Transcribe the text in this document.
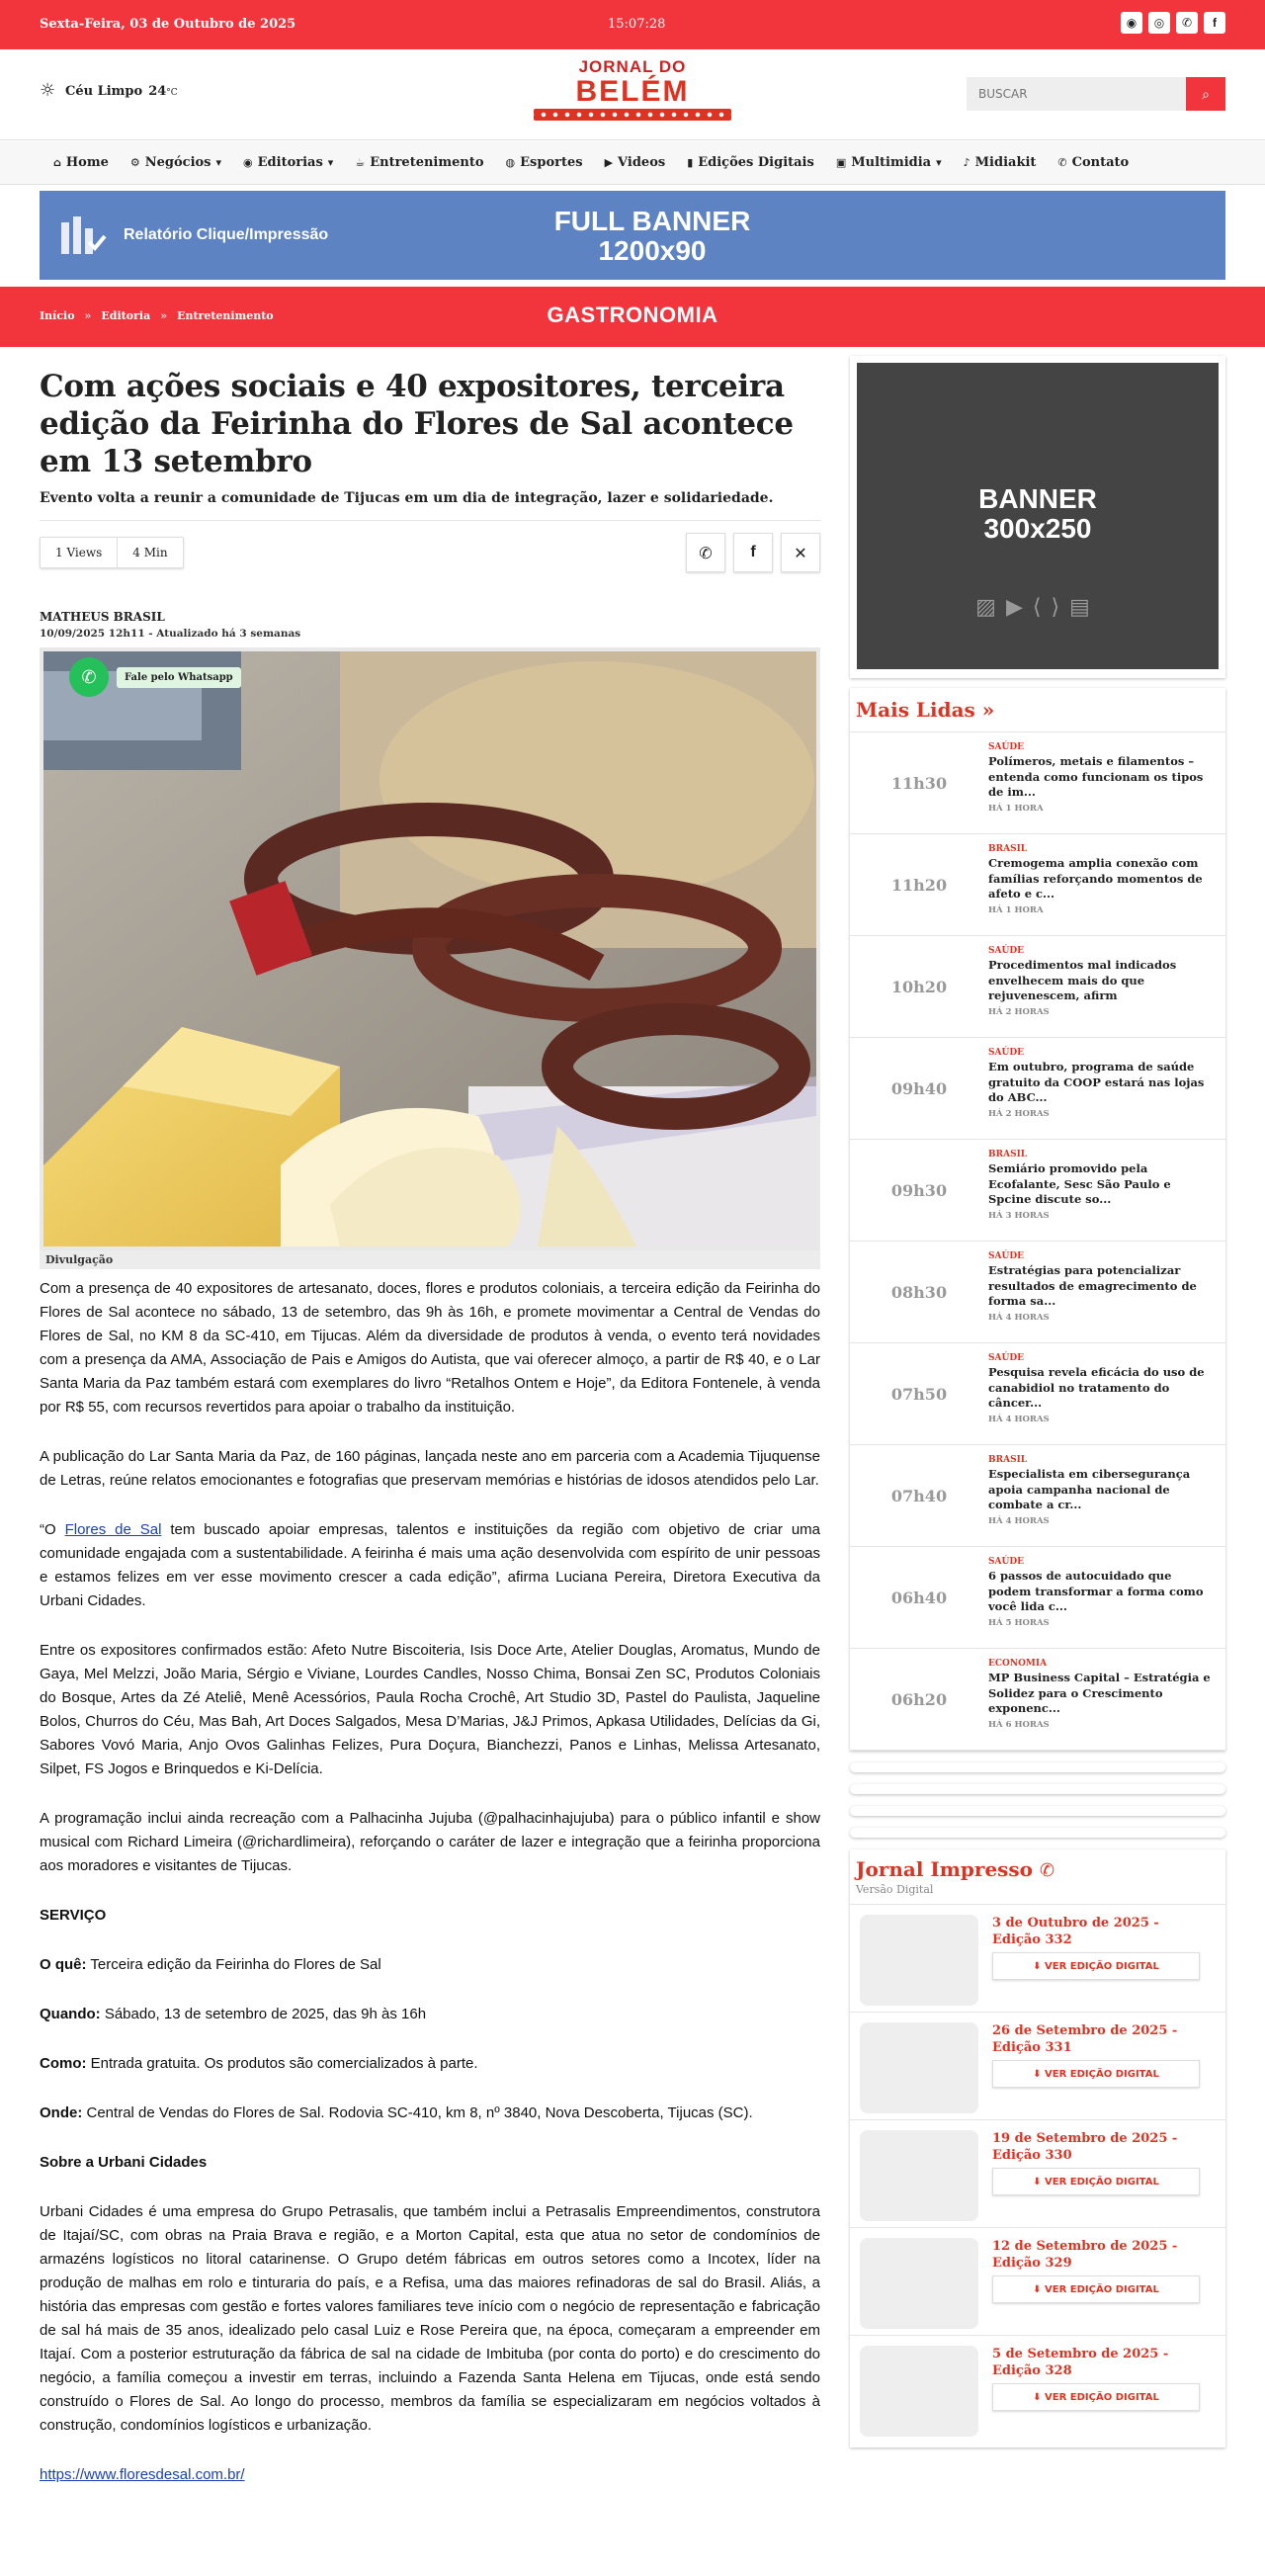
Sexta-Feira, 03 de Outubro de 2025	15:07:28	◉	◎	✆	f
☼ Céu Limpo 24°C
JORNAL DO
BELÉM
BUSCAR	⌕
⌂ Home ⚙ Negócios ▾ ◉ Editorias ▾ ☕ Entretenimento ◍ Esportes ▶ Videos ▮ Edições Digitais ▣ Multimidia ▾ ♪ Midiakit ✆ Contato
Relatório Clique/Impressão	FULL BANNER
1200x90
Início » Editoria » Entretenimento	GASTRONOMIA
Com ações sociais e 40 expositores, terceira edição da Feirinha do Flores de Sal acontece em 13 setembro
Evento volta a reunir a comunidade de Tijucas em um dia de integração, lazer e solidariedade.
1 Views	4 Min	✆	f	✕
MATHEUS BRASIL
10/09/2025 12h11 - Atualizado há 3 semanas
✆	Fale pelo Whatsapp
Divulgação

Com a presença de 40 expositores de artesanato, doces, flores e produtos coloniais, a terceira edição da Feirinha do Flores de Sal acontece no sábado, 13 de setembro, das 9h às 16h, e promete movimentar a Central de Vendas do Flores de Sal, no KM 8 da SC-410, em Tijucas. Além da diversidade de produtos à venda, o evento terá novidades com a presença da AMA, Associação de Pais e Amigos do Autista, que vai oferecer almoço, a partir de R$ 40, e o Lar Santa Maria da Paz também estará com exemplares do livro “Retalhos Ontem e Hoje”, da Editora Fontenele, à venda por R$ 55, com recursos revertidos para apoiar o trabalho da instituição.

A publicação do Lar Santa Maria da Paz, de 160 páginas, lançada neste ano em parceria com a Academia Tijuquense de Letras, reúne relatos emocionantes e fotografias que preservam memórias e histórias de idosos atendidos pelo Lar.

“O Flores de Sal tem buscado apoiar empresas, talentos e instituições da região com objetivo de criar uma comunidade engajada com a sustentabilidade. A feirinha é mais uma ação desenvolvida com espírito de unir pessoas e estamos felizes em ver esse movimento crescer a cada edição”, afirma Luciana Pereira, Diretora Executiva da Urbani Cidades.

Entre os expositores confirmados estão: Afeto Nutre Biscoiteria, Isis Doce Arte, Atelier Douglas, Aromatus, Mundo de Gaya, Mel Melzzi, João Maria, Sérgio e Viviane, Lourdes Candles, Nosso Chima, Bonsai Zen SC, Produtos Coloniais do Bosque, Artes da Zé Ateliê, Menê Acessórios, Paula Rocha Crochê, Art Studio 3D, Pastel do Paulista, Jaqueline Bolos, Churros do Céu, Mas Bah, Art Doces Salgados, Mesa D’Marias, J&J Primos, Apkasa Utilidades, Delícias da Gi, Sabores Vovó Maria, Anjo Ovos Galinhas Felizes, Pura Doçura, Bianchezzi, Panos e Linhas, Melissa Artesanato, Silpet, FS Jogos e Brinquedos e Ki-Delícia.

A programação inclui ainda recreação com a Palhacinha Jujuba (@palhacinhajujuba) para o público infantil e show musical com Richard Limeira (@richardlimeira), reforçando o caráter de lazer e integração que a feirinha proporciona aos moradores e visitantes de Tijucas.

SERVIÇO

O quê: Terceira edição da Feirinha do Flores de Sal

Quando: Sábado, 13 de setembro de 2025, das 9h às 16h

Como: Entrada gratuita. Os produtos são comercializados à parte.

Onde: Central de Vendas do Flores de Sal. Rodovia SC-410, km 8, nº 3840, Nova Descoberta, Tijucas (SC).

Sobre a Urbani Cidades

Urbani Cidades é uma empresa do Grupo Petrasalis, que também inclui a Petrasalis Empreendimentos, construtora de Itajaí/SC, com obras na Praia Brava e região, e a Morton Capital, esta que atua no setor de condomínios de armazéns logísticos no litoral catarinense. O Grupo detém fábricas em outros setores como a Incotex, líder na produção de malhas em rolo e tinturaria do país, e a Refisa, uma das maiores refinadoras de sal do Brasil. Aliás, a história das empresas com gestão e fortes valores familiares teve início com o negócio de representação e fabricação de sal há mais de 35 anos, idealizado pelo casal Luiz e Rose Pereira que, na época, começaram a empreender em Itajaí. Com a posterior estruturação da fábrica de sal na cidade de Imbituba (por conta do porto) e do crescimento do negócio, a família começou a investir em terras, incluindo a Fazenda Santa Helena em Tijucas, onde está sendo construído o Flores de Sal. Ao longo do processo, membros da família se especializaram em negócios voltados à construção, condomínios logísticos e urbanização.

https://www.floresdesal.com.br/

BANNER
300x250
▨▶⟨⟩▤
Mais Lidas »
11h30
SAÚDE
Polímeros, metais e filamentos – entenda como funcionam os tipos de im...
HÁ 1 HORA
11h20
BRASIL
Cremogema amplia conexão com famílias reforçando momentos de afeto e c...
HÁ 1 HORA
10h20
SAÚDE
Procedimentos mal indicados envelhecem mais do que rejuvenescem, afirm
HÁ 2 HORAS
09h40
SAÚDE
Em outubro, programa de saúde gratuito da COOP estará nas lojas do ABC...
HÁ 2 HORAS
09h30
BRASIL
Semiário promovido pela Ecofalante, Sesc São Paulo e Spcine discute so...
HÁ 3 HORAS
08h30
SAÚDE
Estratégias para potencializar resultados de emagrecimento de forma sa...
HÁ 4 HORAS
07h50
SAÚDE
Pesquisa revela eficácia do uso de canabidiol no tratamento do câncer...
HÁ 4 HORAS
07h40
BRASIL
Especialista em cibersegurança apoia campanha nacional de combate a cr...
HÁ 4 HORAS
06h40
SAÚDE
6 passos de autocuidado que podem transformar a forma como você lida c...
HÁ 5 HORAS
06h20
ECONOMIA
MP Business Capital – Estratégia e Solidez para o Crescimento exponenc...
HÁ 6 HORAS
Jornal Impresso ✆
Versão Digital
3 de Outubro de 2025 - Edição 332
⬇ VER EDIÇÃO DIGITAL
26 de Setembro de 2025 - Edição 331
⬇ VER EDIÇÃO DIGITAL
19 de Setembro de 2025 - Edição 330
⬇ VER EDIÇÃO DIGITAL
12 de Setembro de 2025 - Edição 329
⬇ VER EDIÇÃO DIGITAL
5 de Setembro de 2025 - Edição 328
⬇ VER EDIÇÃO DIGITAL
